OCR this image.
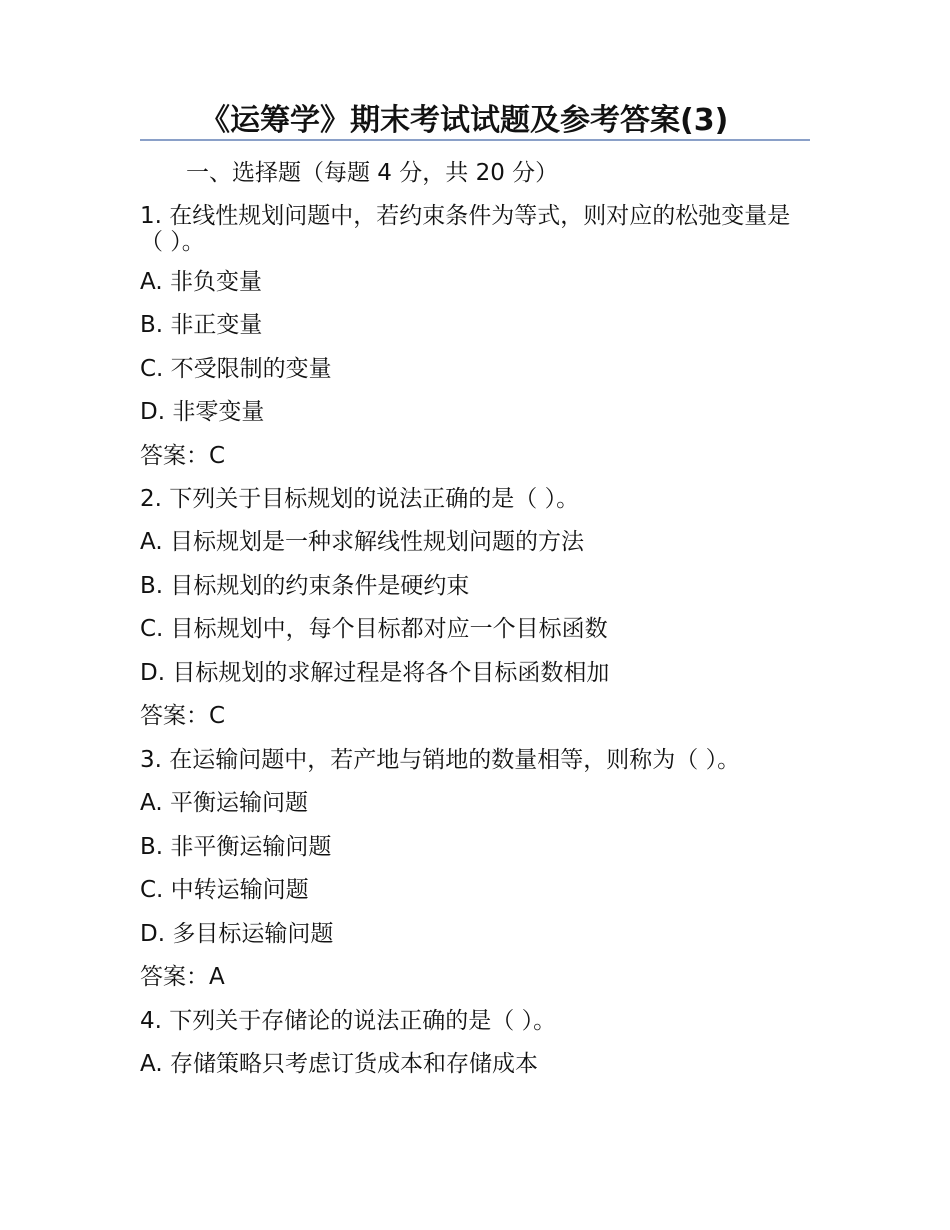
《运筹学》期末考试试题及参考答案(3)
一、选择题（每题 4 分，共 20 分）
1. 在线性规划问题中，若约束条件为等式，则对应的松弛变量是（ ）。
A. 非负变量
B. 非正变量
C. 不受限制的变量
D. 非零变量
答案：C
2. 下列关于目标规划的说法正确的是（ ）。
A. 目标规划是一种求解线性规划问题的方法
B. 目标规划的约束条件是硬约束
C. 目标规划中，每个目标都对应一个目标函数
D. 目标规划的求解过程是将各个目标函数相加
答案：C
3. 在运输问题中，若产地与销地的数量相等，则称为（ ）。
A. 平衡运输问题
B. 非平衡运输问题
C. 中转运输问题
D. 多目标运输问题
答案：A
4. 下列关于存储论的说法正确的是（ ）。
A. 存储策略只考虑订货成本和存储成本
